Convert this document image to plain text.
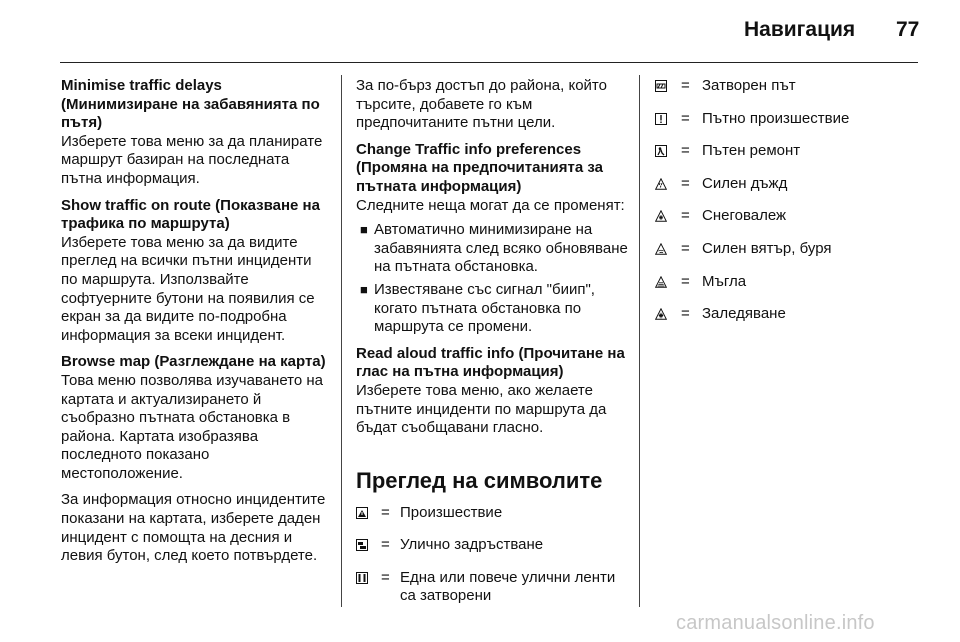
Навигация 77

Minimise traffic delays (Минимизиране на забавянията по пътя)

Изберете това меню за да планирате маршрут базиран на последната пътна информация.

Show traffic on route (Показване на трафика по маршрута)

Изберете това меню за да видите преглед на всички пътни инциденти по маршрута. Използвайте софтуерните бутони на появилия се екран за да видите по-подробна информация за всеки инцидент.

Browse map (Разглеждане на карта)

Това меню позволява изучаването на картата и актуализирането й съобразно пътната обстановка в района. Картата изобразява последното показано местоположение.

За информация относно инцидентите показани на картата, изберете даден инцидент с помощта на десния и левия бутон, след което потвърдете.

За по-бърз достъп до района, който търсите, добавете го към предпочитаните пътни цели.

Change Traffic info preferences (Промяна на предпочитанията за пътната информация)

Следните неща могат да се променят:

■ Автоматично минимизиране на забавянията след всяко обновяване на пътната обстановка.
■ Известяване със сигнал "биип", когато пътната обстановка по маршрута се промени.

Read aloud traffic info (Прочитане на глас на пътна информация)

Изберете това меню, ако желаете пътните инциденти по маршрута да бъдат съобщавани гласно.

Преглед на символите
= Произшествие
= Улично задръстване
= Една или повече улични ленти са затворени
= Затворен път
= Пътно произшествие
= Пътен ремонт
= Силен дъжд
= Снеговалеж
= Силен вятър, буря
= Мъгла
= Заледяване
carmanualsonline.info
